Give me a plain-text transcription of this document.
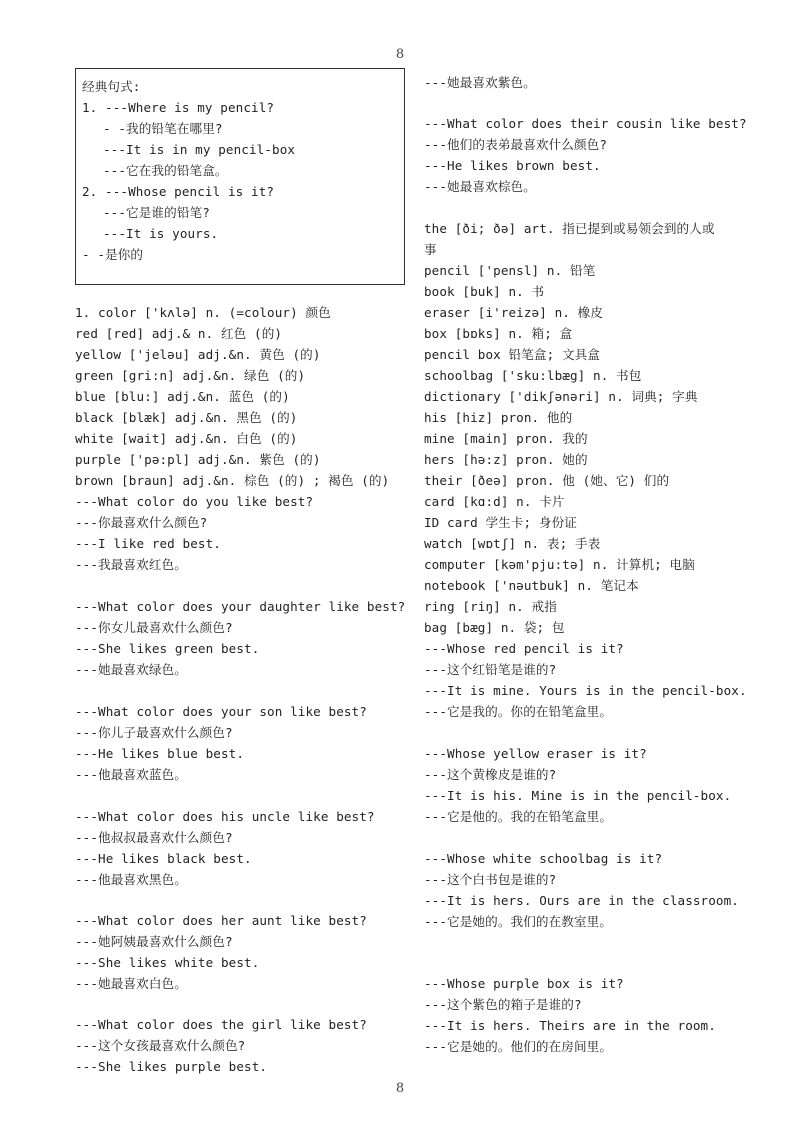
8
经典句式:
1. ---Where is my pencil?
- -我的铅笔在哪里?
---It is in my pencil-box
---它在我的铅笔盒。
2. ---Whose pencil is it?
---它是谁的铅笔?
---It is yours.
- -是你的
1. color ['kʌlə] n. (=colour) 颜色
red [red] adj.& n. 红色 (的)
yellow ['jeləu] adj.&n. 黄色 (的)
green [gri:n] adj.&n. 绿色 (的)
blue [blu:] adj.&n. 蓝色 (的)
black [blæk] adj.&n. 黑色 (的)
white [wait] adj.&n. 白色 (的)
purple ['pə:pl] adj.&n. 紫色 (的)
brown [braun] adj.&n. 棕色 (的) ; 褐色 (的)
---What color do you like best?
---你最喜欢什么颜色?
---I like red best.
---我最喜欢红色。
---What color does your daughter like best?
---你女儿最喜欢什么颜色?
---She likes green best.
---她最喜欢绿色。
---What color does your son like best?
---你儿子最喜欢什么颜色?
---He likes blue best.
---他最喜欢蓝色。
---What color does his uncle like best?
---他叔叔最喜欢什么颜色?
---He likes black best.
---他最喜欢黑色。
---What color does her aunt like best?
---她阿姨最喜欢什么颜色?
---She likes white best.
---她最喜欢白色。
---What color does the girl like best?
---这个女孩最喜欢什么颜色?
---She likes purple best.
---她最喜欢紫色。
---What color does their cousin like best?
---他们的表弟最喜欢什么颜色?
---He likes brown best.
---她最喜欢棕色。
the [ði; ðə] art. 指已提到或易领会到的人或
事
pencil ['pensl] n. 铅笔
book [buk] n. 书
eraser [i'reizə] n. 橡皮
box [bɒks] n. 箱; 盒
pencil box 铅笔盒; 文具盒
schoolbag ['sku:lbæg] n. 书包
dictionary ['dikʃənəri] n. 词典; 字典
his [hiz] pron. 他的
mine [main] pron. 我的
hers [hə:z] pron. 她的
their [ðeə] pron. 他 (她、它) 们的
card [kɑ:d] n. 卡片
ID card 学生卡; 身份证
watch [wɒtʃ] n. 表; 手表
computer [kəm'pju:tə] n. 计算机; 电脑
notebook ['nəutbuk] n. 笔记本
ring [riŋ] n. 戒指
bag [bæg] n. 袋; 包
---Whose red pencil is it?
---这个红铅笔是谁的?
---It is mine. Yours is in the pencil-box.
---它是我的。你的在铅笔盒里。
---Whose yellow eraser is it?
---这个黄橡皮是谁的?
---It is his. Mine is in the pencil-box.
---它是他的。我的在铅笔盒里。
---Whose white schoolbag is it?
---这个白书包是谁的?
---It is hers. Ours are in the classroom.
---它是她的。我们的在教室里。
---Whose purple box is it?
---这个紫色的箱子是谁的?
---It is hers. Theirs are in the room.
---它是她的。他们的在房间里。
8
